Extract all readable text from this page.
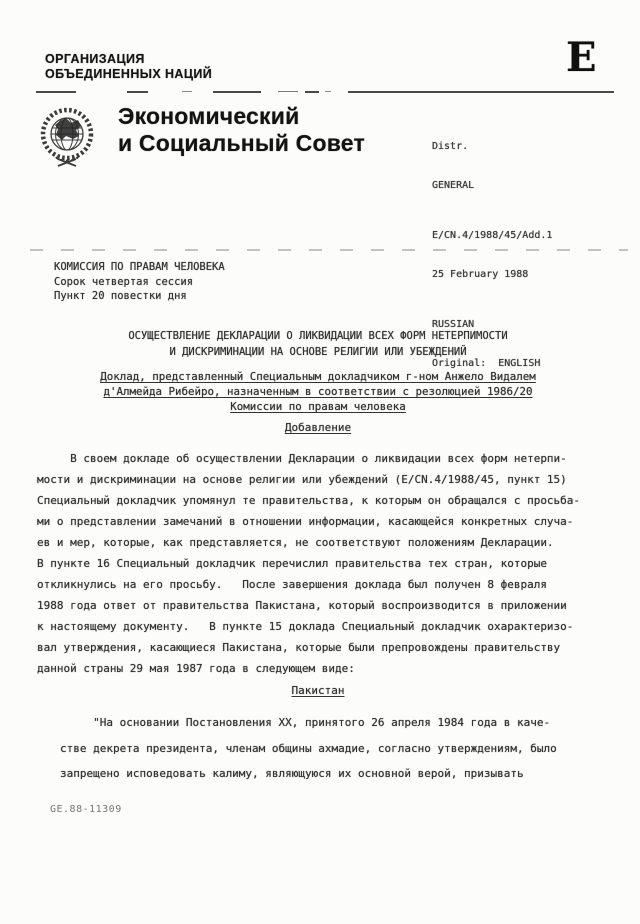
ОРГАНИЗАЦИЯ
ОБЪЕДИНЕННЫХ НАЦИЙ	E
Экономический
и Социальный Совет

	Distr.

GENERAL

E/CN.4/1988/45/Add.1

25 February 1988

RUSSIAN

Original:  ENGLISH

КОМИССИЯ ПО ПРАВАМ ЧЕЛОВЕКА
Сорок четвертая сессия
Пункт 20 повестки дня
ОСУЩЕСТВЛЕНИЕ ДЕКЛАРАЦИИ О ЛИКВИДАЦИИ ВСЕХ ФОРМ НЕТЕРПИМОСТИ
И ДИСКРИМИНАЦИИ НА ОСНОВЕ РЕЛИГИИ ИЛИ УБЕЖДЕНИЙ
Доклад, представленный Специальным докладчиком г-ном Анжело Видалем
д'Алмейда Рибейро, назначенным в соответствии с резолюцией 1986/20
Комиссии по правам человека
Добавление
В своем докладе об осуществлении Декларации о ликвидации всех форм нетерпи-
мости и дискриминации на основе религии или убеждений (E/CN.4/1988/45, пункт 15)
Специальный докладчик упомянул те правительства, к которым он обращался с просьба-
ми о представлении замечаний в отношении информации, касающейся конкретных случа-
ев и мер, которые, как представляется, не соответствуют положениям Декларации.
В пункте 16 Специальный докладчик перечислил правительства тех стран, которые
откликнулись на его просьбу.   После завершения доклада был получен 8 февраля
1988 года ответ от правительства Пакистана, который воспроизводится в приложении
к настоящему документу.   В пункте 15 доклада Специальный докладчик охарактеризо-
вал утверждения, касающиеся Пакистана, которые были препровождены правительству
данной страны 29 мая 1987 года в следующем виде:
Пакистан
"На основании Постановления XX, принятого 26 апреля 1984 года в каче-
стве декрета президента, членам общины ахмадие, согласно утверждениям, было
запрещено исповедовать калиму, являющуюся их основной верой, призывать
GE.88-11309
